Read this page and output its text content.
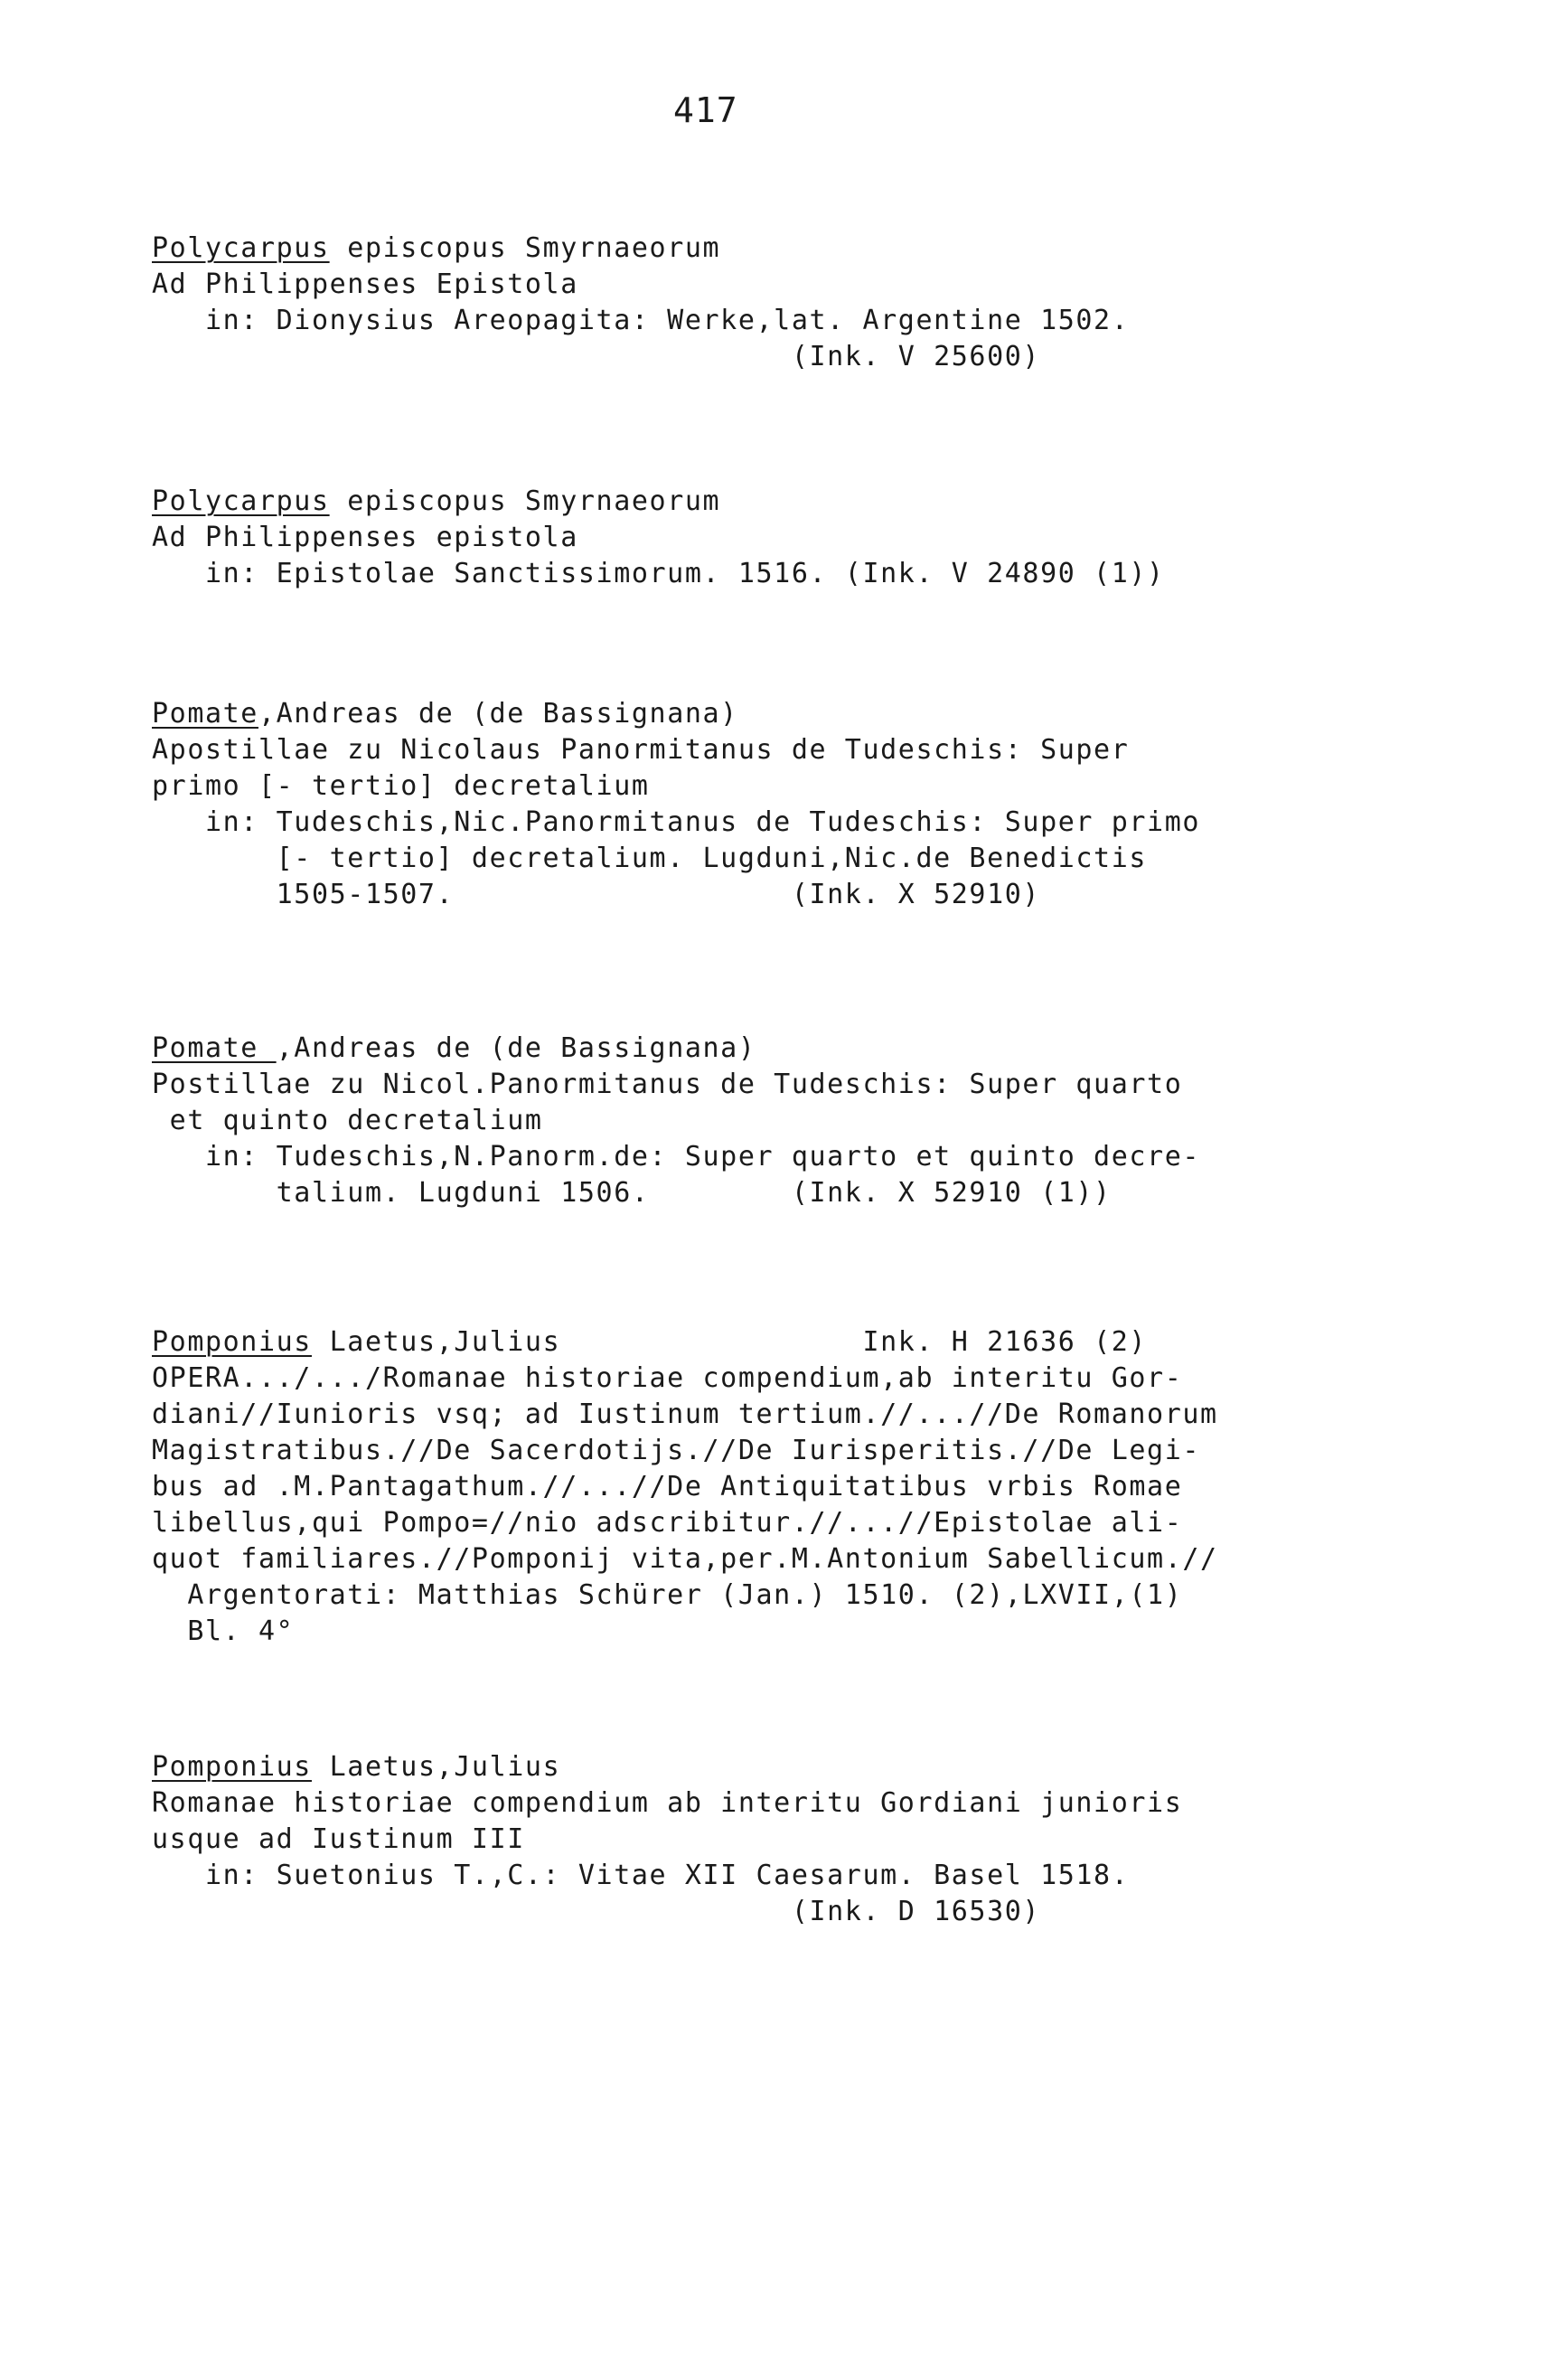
417
Polycarpus episcopus Smyrnaeorum
Ad Philippenses Epistola
in: Dionysius Areopagita: Werke,lat. Argentine 1502.
(Ink. V 25600)
Polycarpus episcopus Smyrnaeorum
Ad Philippenses epistola
in: Epistolae Sanctissimorum. 1516. (Ink. V 24890 (1))
Pomate,Andreas de (de Bassignana)
Apostillae zu Nicolaus Panormitanus de Tudeschis: Super
primo [- tertio] decretalium
in: Tudeschis,Nic.Panormitanus de Tudeschis: Super primo
[- tertio] decretalium. Lugduni,Nic.de Benedictis
1505-1507.                   (Ink. X 52910)
Pomate ,Andreas de (de Bassignana)
Postillae zu Nicol.Panormitanus de Tudeschis: Super quarto
et quinto decretalium
in: Tudeschis,N.Panorm.de: Super quarto et quinto decre-
talium. Lugduni 1506.        (Ink. X 52910 (1))
Pomponius Laetus,Julius                 Ink. H 21636 (2)
OPERA.../.../Romanae historiae compendium,ab interitu Gor-
diani//Iunioris vsq; ad Iustinum tertium.//...//De Romanorum
Magistratibus.//De Sacerdotijs.//De Iurisperitis.//De Legi-
bus ad .M.Pantagathum.//...//De Antiquitatibus vrbis Romae
libellus,qui Pompo=//nio adscribitur.//...//Epistolae ali-
quot familiares.//Pomponij vita,per.M.Antonium Sabellicum.//
Argentorati: Matthias Schürer (Jan.) 1510. (2),LXVII,(1)
Bl. 4°
Pomponius Laetus,Julius
Romanae historiae compendium ab interitu Gordiani junioris
usque ad Iustinum III
in: Suetonius T.,C.: Vitae XII Caesarum. Basel 1518.
(Ink. D 16530)
